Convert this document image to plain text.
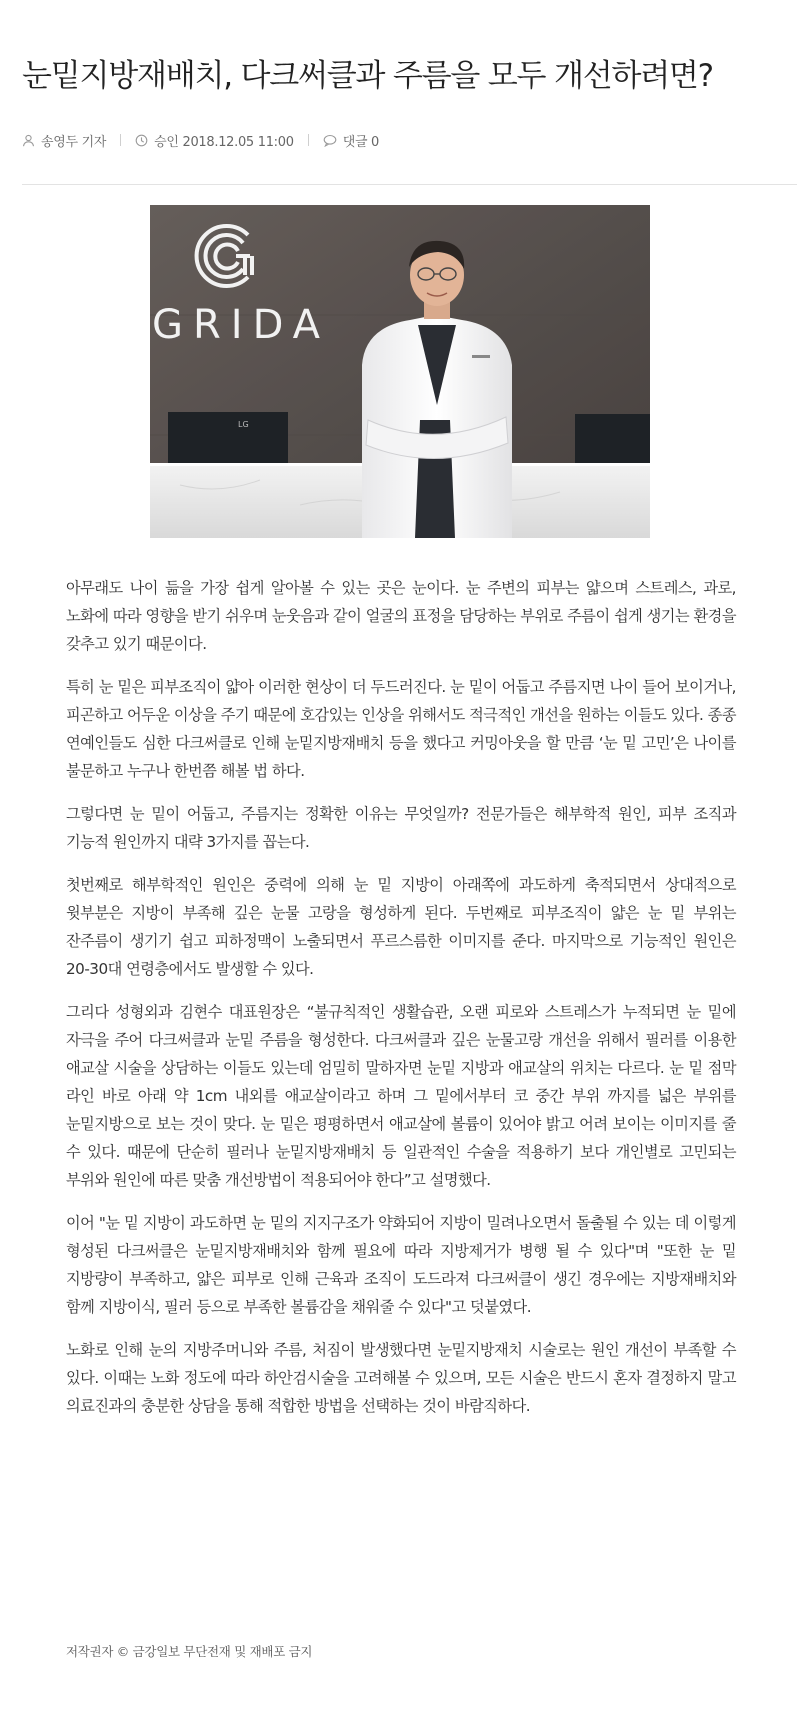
눈밑지방재배치, 다크써클과 주름을 모두 개선하려면?
송영두 기자	승인 2018.12.05 11:00	댓글 0
GRIDA
LG

아무래도 나이 듦을 가장 쉽게 알아볼 수 있는 곳은 눈이다. 눈 주변의 피부는 얇으며 스트레스, 과로, 노화에 따라 영향을 받기 쉬우며 눈웃음과 같이 얼굴의 표정을 담당하는 부위로 주름이 쉽게 생기는 환경을 갖추고 있기 때문이다.

특히 눈 밑은 피부조직이 얇아 이러한 현상이 더 두드러진다. 눈 밑이 어둡고 주름지면 나이 들어 보이거나, 피곤하고 어두운 이상을 주기 때문에 호감있는 인상을 위해서도 적극적인 개선을 원하는 이들도 있다. 종종 연예인들도 심한 다크써클로 인해 눈밑지방재배치 등을 했다고 커밍아웃을 할 만큼 ‘눈 밑 고민’은 나이를 불문하고 누구나 한번쯤 해볼 법 하다.

그렇다면 눈 밑이 어둡고, 주름지는 정확한 이유는 무엇일까? 전문가들은 해부학적 원인, 피부 조직과 기능적 원인까지 대략 3가지를 꼽는다.

첫번째로 해부학적인 원인은 중력에 의해 눈 밑 지방이 아래쪽에 과도하게 축적되면서 상대적으로 윗부분은 지방이 부족해 깊은 눈물 고랑을 형성하게 된다. 두번째로 피부조직이 얇은 눈 밑 부위는 잔주름이 생기기 쉽고 피하정맥이 노출되면서 푸르스름한 이미지를 준다. 마지막으로 기능적인 원인은 20-30대 연령층에서도 발생할 수 있다.

그리다 성형외과 김현수 대표원장은 “불규칙적인 생활습관, 오랜 피로와 스트레스가 누적되면 눈 밑에 자극을 주어 다크써클과 눈밑 주름을 형성한다. 다크써클과 깊은 눈물고랑 개선을 위해서 필러를 이용한 애교살 시술을 상담하는 이들도 있는데 엄밀히 말하자면 눈밑 지방과 애교살의 위치는 다르다. 눈 밑 점막 라인 바로 아래 약 1cm 내외를 애교살이라고 하며 그 밑에서부터 코 중간 부위 까지를 넓은 부위를 눈밑지방으로 보는 것이 맞다. 눈 밑은 평평하면서 애교살에 볼륨이 있어야 밝고 어려 보이는 이미지를 줄 수 있다. 때문에 단순히 필러나 눈밑지방재배치 등 일관적인 수술을 적용하기 보다 개인별로 고민되는 부위와 원인에 따른 맞춤 개선방법이 적용되어야 한다”고 설명했다.

이어 "눈 밑 지방이 과도하면 눈 밑의 지지구조가 약화되어 지방이 밀려나오면서 돌출될 수 있는 데 이렇게 형성된 다크써클은 눈밑지방재배치와 함께 필요에 따라 지방제거가 병행 될 수 있다"며 "또한 눈 밑 지방량이 부족하고, 얇은 피부로 인해 근육과 조직이 도드라져 다크써클이 생긴 경우에는 지방재배치와 함께 지방이식, 필러 등으로 부족한 볼륨감을 채워줄 수 있다"고 덧붙였다.

노화로 인해 눈의 지방주머니와 주름, 처짐이 발생했다면 눈밑지방재치 시술로는 원인 개선이 부족할 수 있다. 이때는 노화 정도에 따라 하안검시술을 고려해볼 수 있으며, 모든 시술은 반드시 혼자 결정하지 말고 의료진과의 충분한 상담을 통해 적합한 방법을 선택하는 것이 바람직하다.

저작권자 © 금강일보 무단전재 및 재배포 금지
